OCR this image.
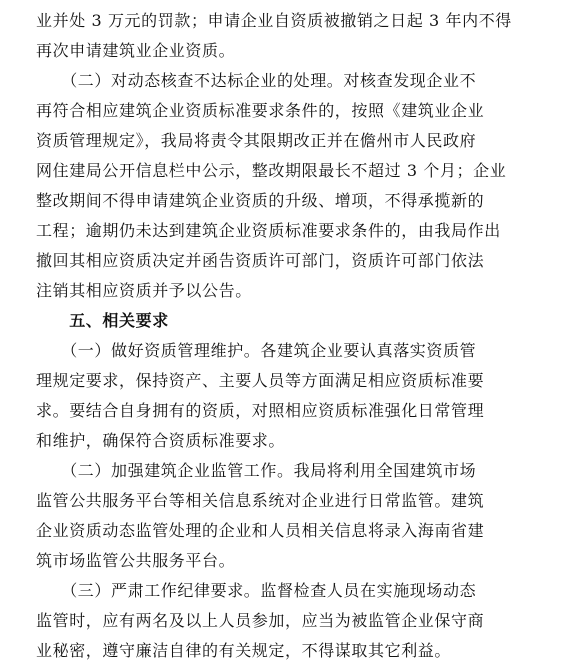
业并处 3 万元的罚款；申请企业自资质被撤销之日起 3 年内不得
再次申请建筑业企业资质。
　　（二）对动态核查不达标企业的处理。对核查发现企业不
再符合相应建筑企业资质标准要求条件的，按照《建筑业企业
资质管理规定》，我局将责令其限期改正并在儋州市人民政府
网住建局公开信息栏中公示，整改期限最长不超过 3 个月；企业
整改期间不得申请建筑企业资质的升级、增项，不得承揽新的
工程；逾期仍未达到建筑企业资质标准要求条件的，由我局作出
撤回其相应资质决定并函告资质许可部门，资质许可部门依法
注销其相应资质并予以公告。
　　五、相关要求
　　（一）做好资质管理维护。各建筑企业要认真落实资质管
理规定要求，保持资产、主要人员等方面满足相应资质标准要
求。要结合自身拥有的资质，对照相应资质标准强化日常管理
和维护，确保符合资质标准要求。
　　（二）加强建筑企业监管工作。我局将利用全国建筑市场
监管公共服务平台等相关信息系统对企业进行日常监管。建筑
企业资质动态监管处理的企业和人员相关信息将录入海南省建
筑市场监管公共服务平台。
　　（三）严肃工作纪律要求。监督检查人员在实施现场动态
监管时，应有两名及以上人员参加，应当为被监管企业保守商
业秘密，遵守廉洁自律的有关规定，不得谋取其它利益。
